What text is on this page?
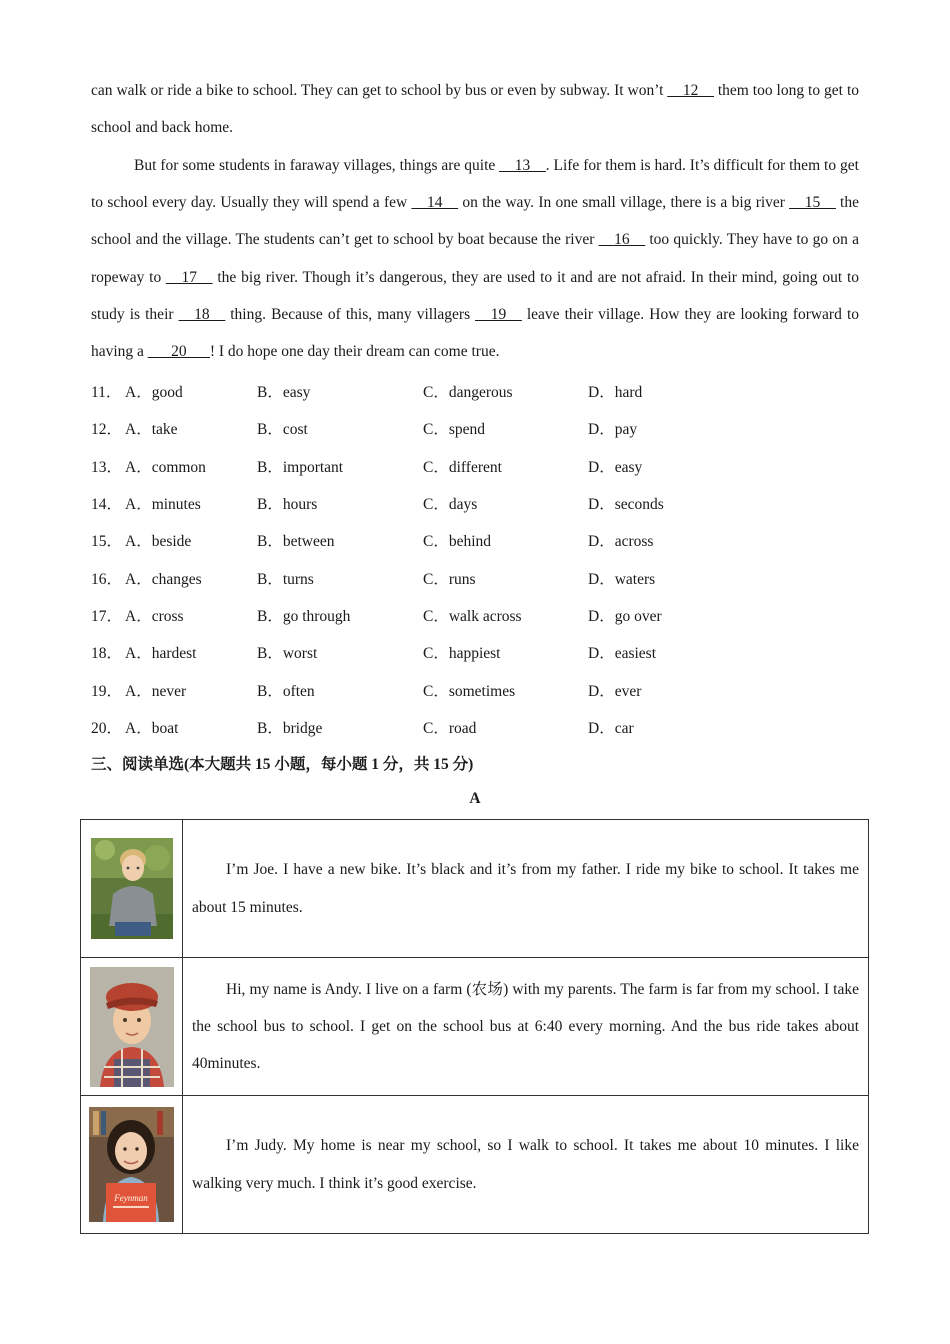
can walk or ride a bike to school. They can get to school by bus or even by subway. It won’t __12__ them too long to get to school and back home.
But for some students in faraway villages, things are quite __13__. Life for them is hard. It’s difficult for them to get to school every day. Usually they will spend a few __14__ on the way. In one small village, there is a big river __15__ the school and the village. The students can’t get to school by boat because the river __16__ too quickly. They have to go on a ropeway to __17__ the big river. Though it’s dangerous, they are used to it and are not afraid. In their mind, going out to study is their __18__ thing. Because of this, many villagers __19__ leave their village. How they are looking forward to having a ___20___! I do hope one day their dream can come true.
11． A．good	B．easy	C．dangerous	D．hard
12． A．take	B．cost	C．spend	D．pay
13． A．common	B．important	C．different	D．easy
14． A．minutes	B．hours	C．days	D．seconds
15． A．beside	B．between	C．behind	D．across
16． A．changes	B．turns	C．runs	D．waters
17． A．cross	B．go through	C．walk across	D．go over
18． A．hardest	B．worst	C．happiest	D．easiest
19． A．never	B．often	C．sometimes	D．ever
20． A．boat	B．bridge	C．road	D．car
三、阅读单选(本大题共 15 小题，每小题 1 分，共 15 分)
A

I’m Joe. I have a new bike. It’s black and it’s from my father. I ride my bike to school. It takes me about 15 minutes.

Hi, my name is Andy. I live on a farm (农场) with my parents. The farm is far from my school. I take the school bus to school. I get on the school bus at 6:40 every morning. And the bus ride takes about 40minutes.

Feynman	I’m Judy. My home is near my school, so I walk to school. It takes me about 10 minutes. I like walking very much. I think it’s good exercise.
